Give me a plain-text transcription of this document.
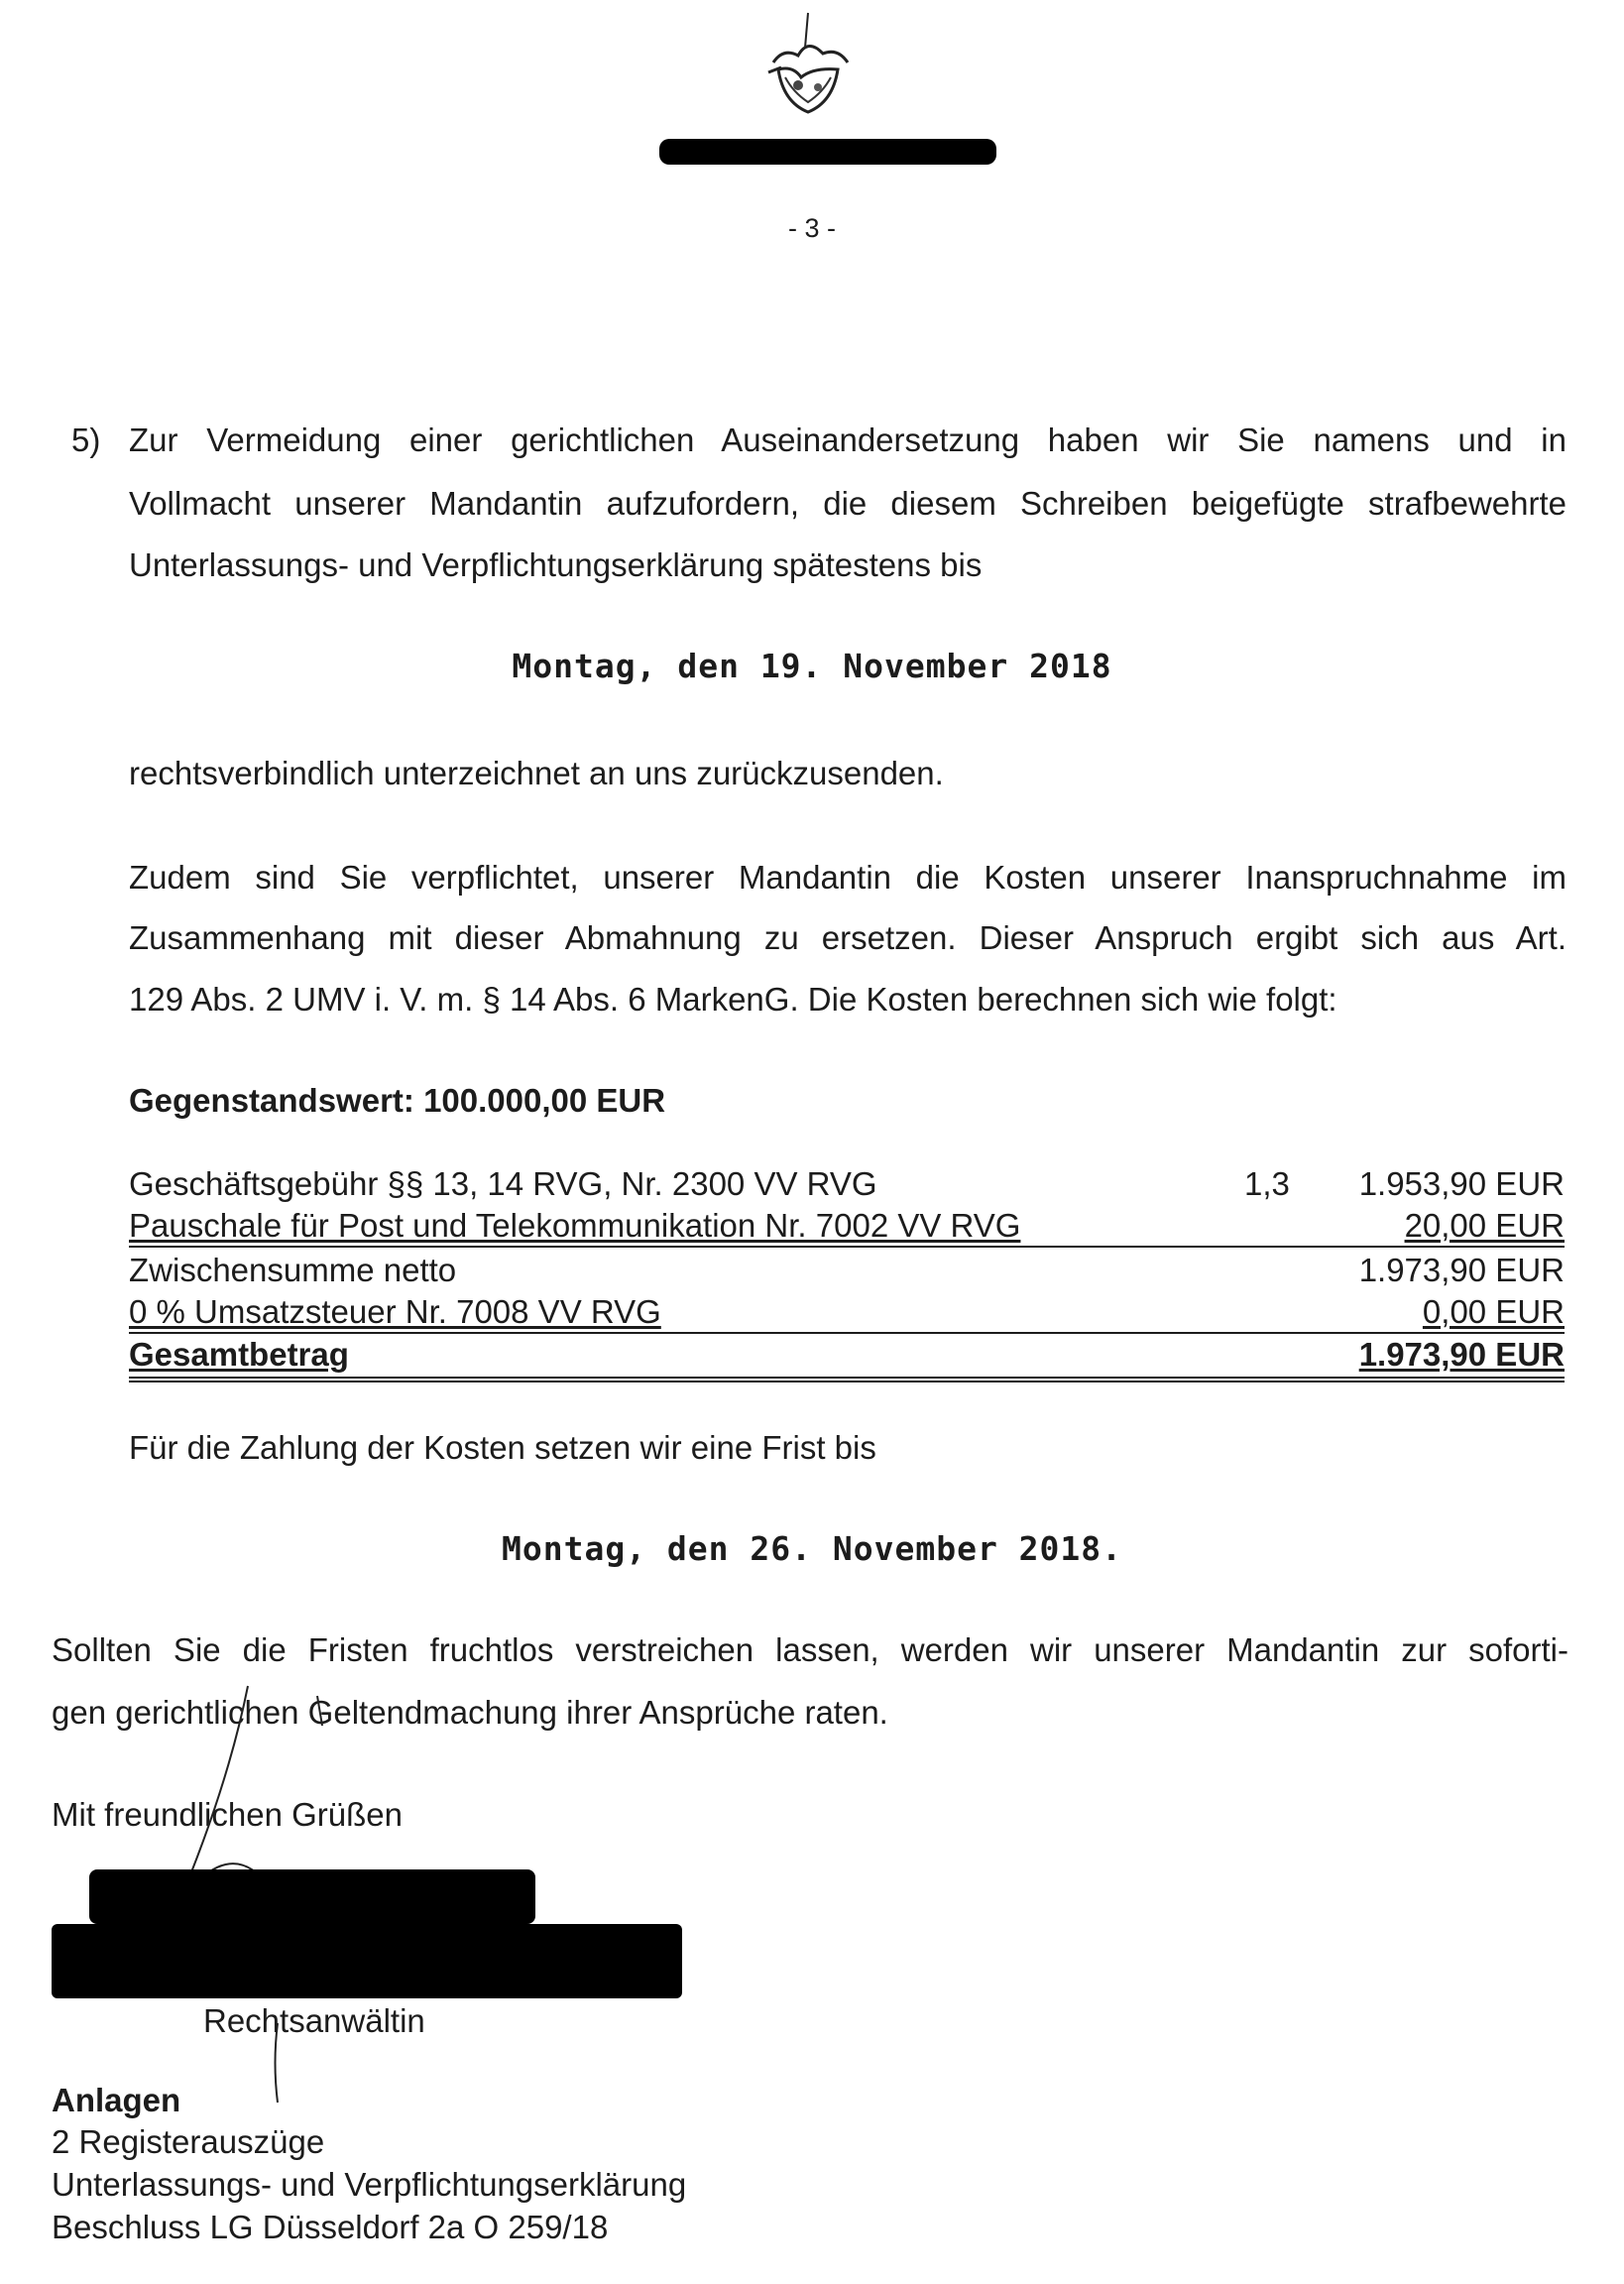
- 3 -
5) Zur Vermeidung einer gerichtlichen Auseinandersetzung haben wir Sie namens und in
Vollmacht unserer Mandantin aufzufordern, die diesem Schreiben beigefügte strafbewehrte
Unterlassungs- und Verpflichtungserklärung spätestens bis
Montag, den 19. November 2018
rechtsverbindlich unterzeichnet an uns zurückzusenden.
Zudem sind Sie verpflichtet, unserer Mandantin die Kosten unserer Inanspruchnahme im
Zusammenhang mit dieser Abmahnung zu ersetzen. Dieser Anspruch ergibt sich aus Art.
129 Abs. 2 UMV i. V. m. § 14 Abs. 6 MarkenG. Die Kosten berechnen sich wie folgt:
Gegenstandswert: 100.000,00 EUR
Geschäftsgebühr §§ 13, 14 RVG, Nr. 2300 VV RVG	1,3	1.953,90 EUR
Pauschale für Post und Telekommunikation Nr. 7002 VV RVG	20,00 EUR
Zwischensumme netto	1.973,90 EUR
0 % Umsatzsteuer Nr. 7008 VV RVG	0,00 EUR
Gesamtbetrag	1.973,90 EUR
Für die Zahlung der Kosten setzen wir eine Frist bis
Montag, den 26. November 2018.
Sollten Sie die Fristen fruchtlos verstreichen lassen, werden wir unserer Mandantin zur soforti-
gen gerichtlichen Geltendmachung ihrer Ansprüche raten.
Mit freundlichen Grüßen
Rechtsanwältin
Anlagen
2 Registerauszüge
Unterlassungs- und Verpflichtungserklärung
Beschluss LG Düsseldorf 2a O 259/18
